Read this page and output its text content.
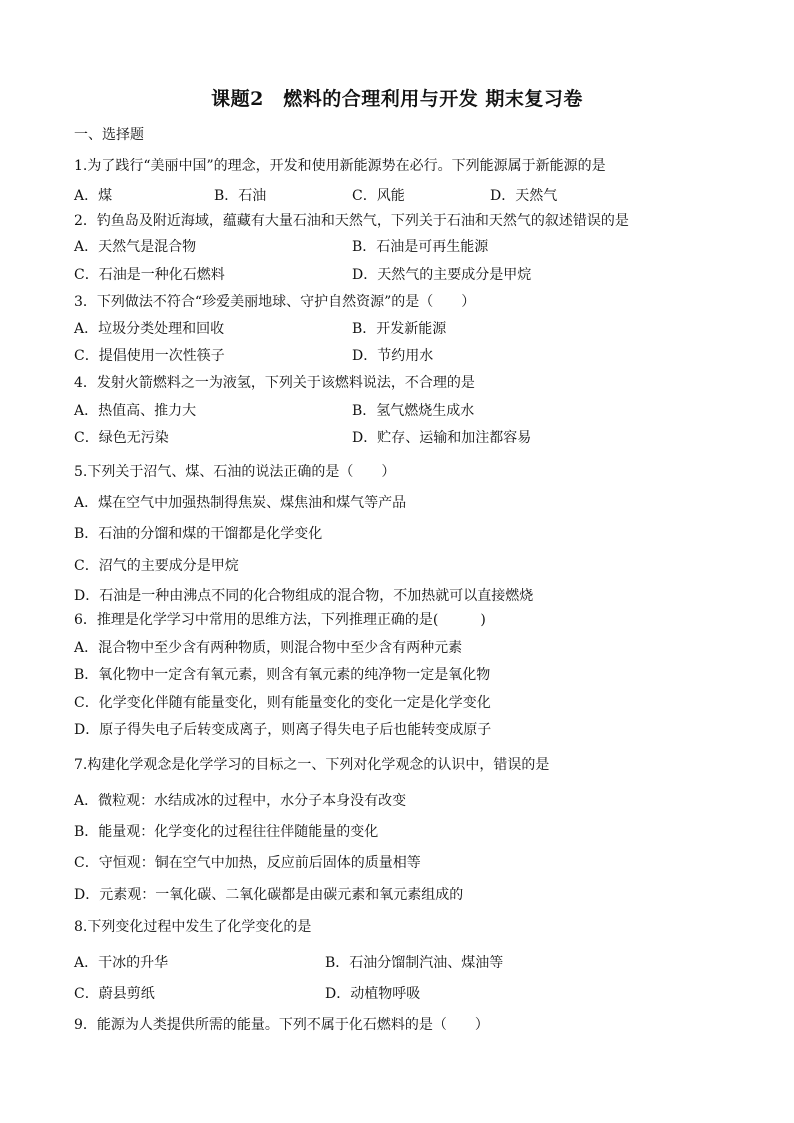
课题2　燃料的合理利用与开发 期末复习卷
一、选择题
1.为了践行“美丽中国”的理念，开发和使用新能源势在必行。下列能源属于新能源的是
A．煤	B．石油	C．风能	D．天然气
2．钓鱼岛及附近海域，蕴藏有大量石油和天然气，下列关于石油和天然气的叙述错误的是
A．天然气是混合物	B．石油是可再生能源
C．石油是一种化石燃料	D．天然气的主要成分是甲烷
3．下列做法不符合“珍爱美丽地球、守护自然资源”的是（　　）
A．垃圾分类处理和回收	B．开发新能源
C．提倡使用一次性筷子	D．节约用水
4．发射火箭燃料之一为液氢，下列关于该燃料说法，不合理的是
A．热值高、推力大	B．氢气燃烧生成水
C．绿色无污染	D．贮存、运输和加注都容易
5.下列关于沼气、煤、石油的说法正确的是（　　）
A．煤在空气中加强热制得焦炭、煤焦油和煤气等产品
B．石油的分馏和煤的干馏都是化学变化
C．沼气的主要成分是甲烷
D．石油是一种由沸点不同的化合物组成的混合物，不加热就可以直接燃烧
6．推理是化学学习中常用的思维方法，下列推理正确的是(　　　)
A．混合物中至少含有两种物质，则混合物中至少含有两种元素
B．氧化物中一定含有氧元素，则含有氧元素的纯净物一定是氧化物
C．化学变化伴随有能量变化，则有能量变化的变化一定是化学变化
D．原子得失电子后转变成离子，则离子得失电子后也能转变成原子
7.构建化学观念是化学学习的目标之一、下列对化学观念的认识中，错误的是
A．微粒观：水结成冰的过程中，水分子本身没有改变
B．能量观：化学变化的过程往往伴随能量的变化
C．守恒观：铜在空气中加热，反应前后固体的质量相等
D．元素观：一氧化碳、二氧化碳都是由碳元素和氧元素组成的
8.下列变化过程中发生了化学变化的是
A．干冰的升华	B．石油分馏制汽油、煤油等
C．蔚县剪纸	D．动植物呼吸
9．能源为人类提供所需的能量。下列不属于化石燃料的是（　　）
